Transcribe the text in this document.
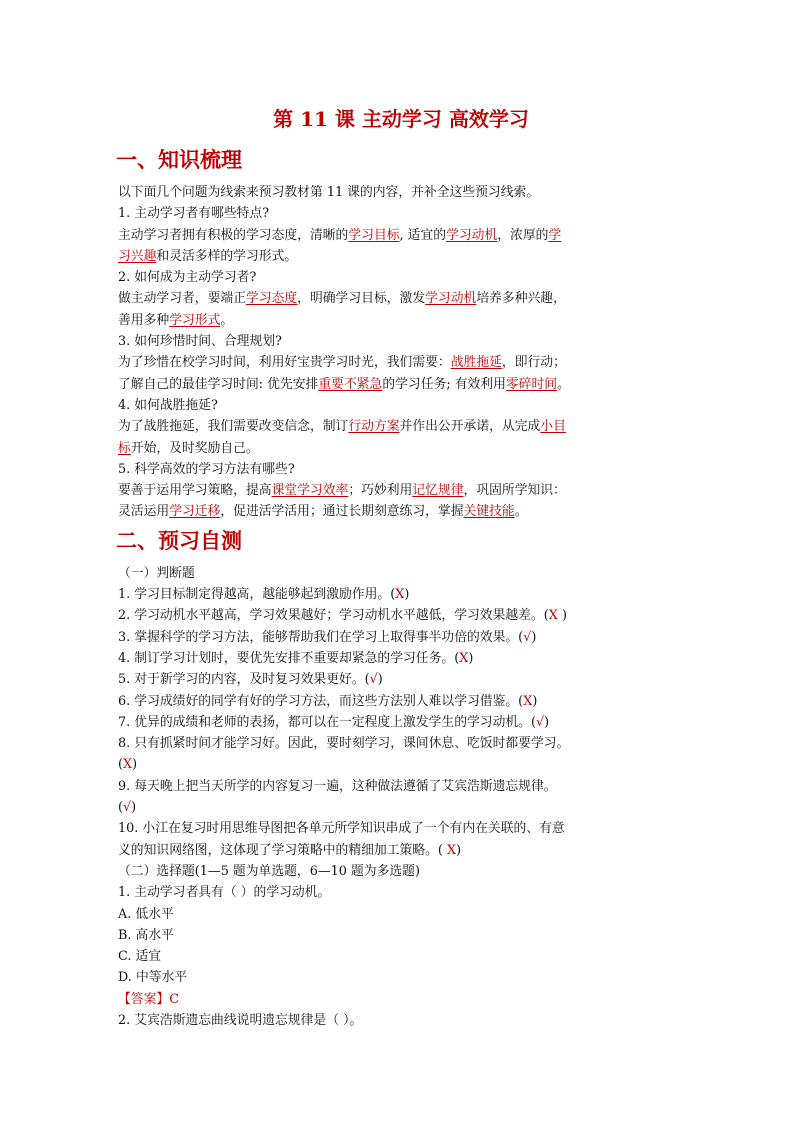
第 11 课 主动学习 高效学习
一、知识梳理
以下面几个问题为线索来预习教材第 11 课的内容，并补全这些预习线索。
1. 主动学习者有哪些特点?
主动学习者拥有积极的学习态度，清晰的学习目标, 适宜的学习动机，浓厚的学
习兴趣和灵活多样的学习形式。
2. 如何成为主动学习者?
做主动学习者，要端正学习态度，明确学习目标，激发学习动机培养多种兴趣，
善用多种学习形式。
3. 如何珍惜时间、合理规划?
为了珍惜在校学习时间，利用好宝贵学习时光，我们需要：战胜拖延，即行动；
了解自己的最佳学习时间: 优先安排重要不紧急的学习任务; 有效利用零碎时间。
4. 如何战胜拖延?
为了战胜拖延，我们需要改变信念，制订行动方案并作出公开承诺，从完成小目
标开始，及时奖励自己。
5. 科学高效的学习方法有哪些?
要善于运用学习策略，提高课堂学习效率；巧妙利用记忆规律，巩固所学知识：
灵活运用学习迁移，促进活学活用；通过长期刻意练习，掌握关键技能。
二、预习自测
（一）判断题
1. 学习目标制定得越高，越能够起到激励作用。(X)
2. 学习动机水平越高，学习效果越好；学习动机水平越低，学习效果越差。(X )
3. 掌握科学的学习方法，能够帮助我们在学习上取得事半功倍的效果。(√)
4. 制订学习计划时，要优先安排不重要却紧急的学习任务。(X)
5. 对于新学习的内容，及时复习效果更好。(√)
6. 学习成绩好的同学有好的学习方法，而这些方法别人难以学习借鉴。(X)
7. 优异的成绩和老师的表扬，都可以在一定程度上激发学生的学习动机。(√)
8. 只有抓紧时间才能学习好。因此，要时刻学习，课间休息、吃饭时都要学习。
(X)
9. 每天晚上把当天所学的内容复习一遍，这种做法遵循了艾宾浩斯遗忘规律。
(√)
10. 小江在复习时用思维导图把各单元所学知识串成了一个有内在关联的、有意
义的知识网络图，这体现了学习策略中的精细加工策略。( X)
（二）选择题(1—5 题为单选题，6—10 题为多选题)
1. 主动学习者具有（ ）的学习动机。
A. 低水平
B. 高水平
C. 适宜
D. 中等水平
【答案】C
2. 艾宾浩斯遗忘曲线说明遗忘规律是（ ）。
